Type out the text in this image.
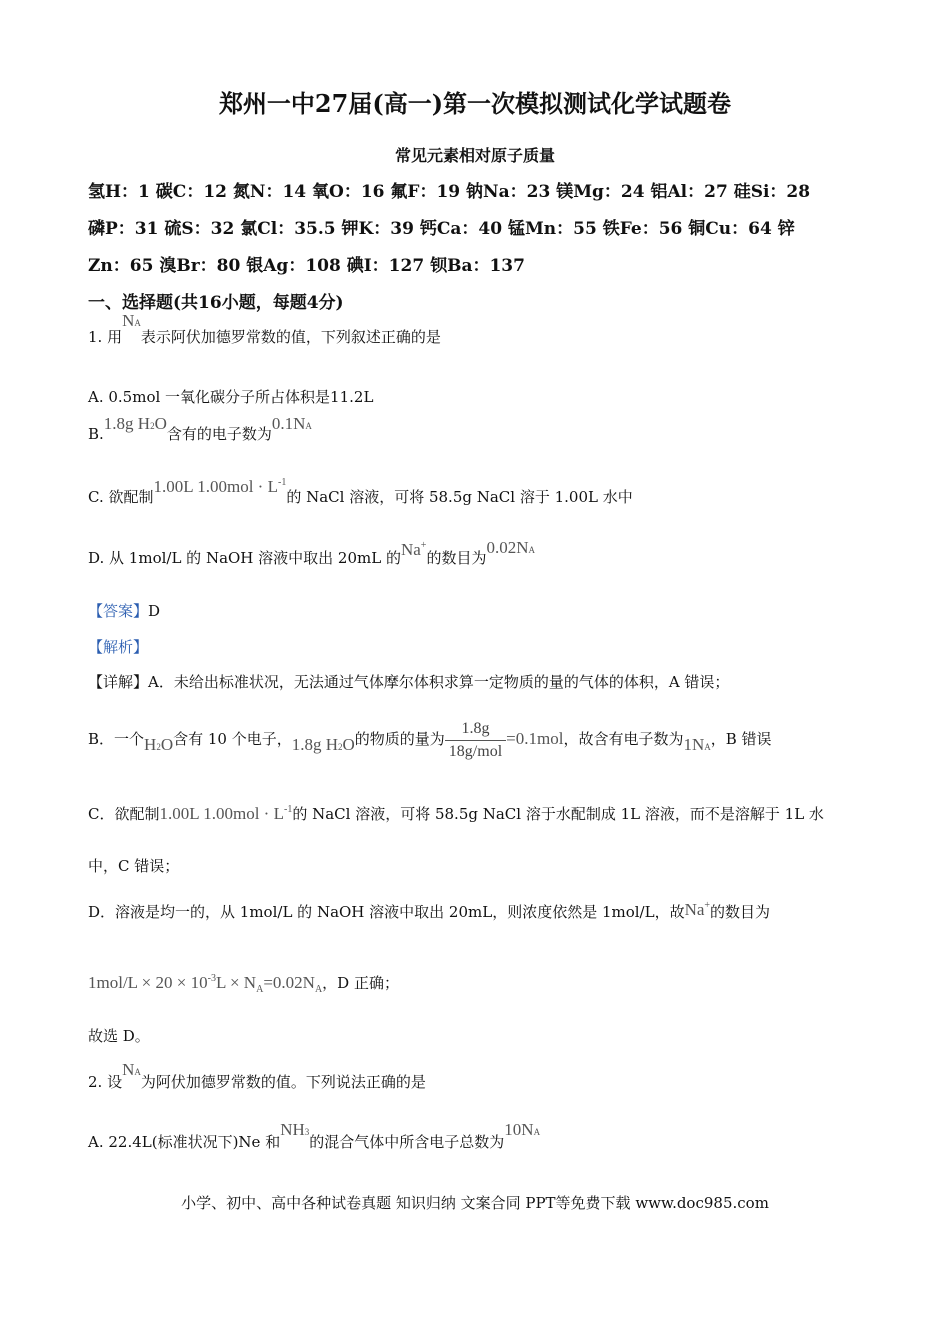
郑州一中27届(高一)第一次模拟测试化学试题卷
常见元素相对原子质量
氢H：1 碳C：12 氮N：14 氧O：16 氟F：19 钠Na：23 镁Mg：24 铝Al：27 硅Si：28
磷P：31 硫S：32 氯Cl：35.5 钾K：39 钙Ca：40 锰Mn：55 铁Fe：56 铜Cu：64 锌
Zn：65 溴Br：80 银Ag：108 碘I：127 钡Ba：137
一、选择题(共16小题，每题4分)
1. 用NA表示阿伏加德罗常数的值，下列叙述正确的是
A. 0.5mol 一氧化碳分子所占体积是11.2L
B.1.8g H2O含有的电子数为0.1NA
C. 欲配制1.00L $1.00mol \cdot L^{-1}$的 NaCl 溶液，可将 58.5g NaCl 溶于 1.00L 水中
D. 从 1mol/L 的 NaOH 溶液中取出 20mL 的Na+的数目为0.02NA
【答案】D
【解析】
【详解】A．未给出标准状况，无法通过气体摩尔体积求算一定物质的量的气体的体积，A 错误；
B．一个H2O含有 10 个电子，1.8g H2O的物质的量为 $\frac{1.8g}{\text{18g/mol}} =0.1mol$，故含有电子数为1NA，B 错误
C．欲配制1.00L $1.00mol \cdot L^{-1}$的 NaCl 溶液，可将 58.5g NaCl 溶于水配制成 1L 溶液，而不是溶解于 1L 水
中，C 错误；
D．溶液是均一的，从 1mol/L 的 NaOH 溶液中取出 20mL，则浓度依然是 1mol/L，故Na+的数目为
$1mol/L \times 20 \times 10^{-3}L \times N_A=0.02N_A$，D 正确；
故选 D。
2. 设NA为阿伏加德罗常数的值。下列说法正确的是
A. 22.4L(标准状况下)Ne 和NH3的混合气体中所含电子总数为10NA
小学、初中、高中各种试卷真题 知识归纳 文案合同 PPT等免费下载 www.doc985.com
